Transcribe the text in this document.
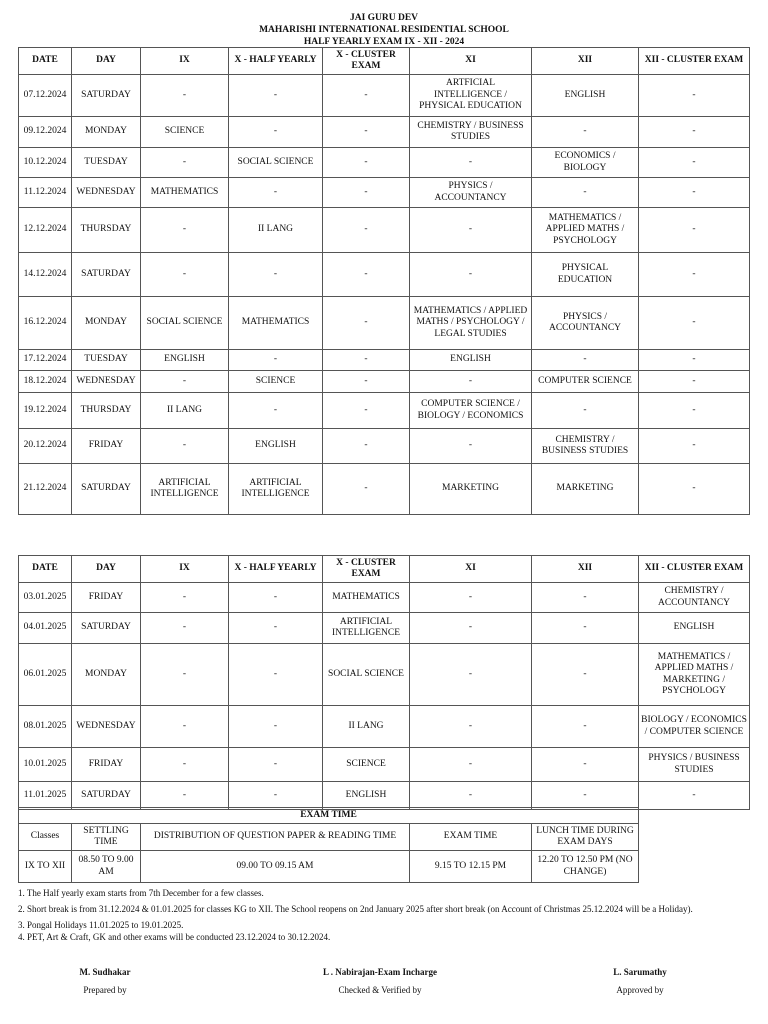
JAI GURU DEV
MAHARISHI INTERNATIONAL RESIDENTIAL SCHOOL
HALF YEARLY EXAM IX - XII - 2024
DATE	DAY	IX	X - HALF YEARLY	X - CLUSTER EXAM	XI	XII	XII - CLUSTER EXAM
07.12.2024	SATURDAY	-	-	-	ARTFICIAL INTELLIGENCE / PHYSICAL EDUCATION	ENGLISH	-
09.12.2024	MONDAY	SCIENCE	-	-	CHEMISTRY / BUSINESS STUDIES	-	-
10.12.2024	TUESDAY	-	SOCIAL SCIENCE	-	-	ECONOMICS / BIOLOGY	-
11.12.2024	WEDNESDAY	MATHEMATICS	-	-	PHYSICS / ACCOUNTANCY	-	-
12.12.2024	THURSDAY	-	II LANG	-	-	MATHEMATICS / APPLIED MATHS / PSYCHOLOGY	-
14.12.2024	SATURDAY	-	-	-	-	PHYSICAL EDUCATION	-
16.12.2024	MONDAY	SOCIAL SCIENCE	MATHEMATICS	-	MATHEMATICS / APPLIED MATHS / PSYCHOLOGY / LEGAL STUDIES	PHYSICS / ACCOUNTANCY	-
17.12.2024	TUESDAY	ENGLISH	-	-	ENGLISH	-	-
18.12.2024	WEDNESDAY	-	SCIENCE	-	-	COMPUTER SCIENCE	-
19.12.2024	THURSDAY	II LANG	-	-	COMPUTER SCIENCE / BIOLOGY / ECONOMICS	-	-
20.12.2024	FRIDAY	-	ENGLISH	-	-	CHEMISTRY / BUSINESS STUDIES	-
21.12.2024	SATURDAY	ARTIFICIAL INTELLIGENCE	ARTIFICIAL INTELLIGENCE	-	MARKETING	MARKETING	-
DATE	DAY	IX	X - HALF YEARLY	X - CLUSTER EXAM	XI	XII	XII - CLUSTER EXAM
03.01.2025	FRIDAY	-	-	MATHEMATICS	-	-	CHEMISTRY / ACCOUNTANCY
04.01.2025	SATURDAY	-	-	ARTIFICIAL INTELLIGENCE	-	-	ENGLISH
06.01.2025	MONDAY	-	-	SOCIAL SCIENCE	-	-	MATHEMATICS / APPLIED MATHS / MARKETING / PSYCHOLOGY
08.01.2025	WEDNESDAY	-	-	II LANG	-	-	BIOLOGY / ECONOMICS / COMPUTER SCIENCE
10.01.2025	FRIDAY	-	-	SCIENCE	-	-	PHYSICS / BUSINESS STUDIES
11.01.2025	SATURDAY	-	-	ENGLISH	-	-	-
EXAM TIME				
Classes	SETTLING TIME	DISTRIBUTION OF QUESTION PAPER & READING TIME	EXAM TIME	LUNCH TIME DURING EXAM DAYS
IX TO XII	08.50 TO 9.00 AM	09.00 TO 09.15 AM	9.15 TO 12.15 PM	12.20 TO 12.50 PM (NO CHANGE)
1. The Half yearly exam starts from 7th December for a few classes.
2. Short break is from 31.12.2024 & 01.01.2025 for classes KG to XII. The School reopens on 2nd January 2025 after short break (on Account of Christmas 25.12.2024 will be a Holiday).
3. Pongal Holidays 11.01.2025 to 19.01.2025.
4. PET, Art & Craft, GK and other exams will be conducted 23.12.2024 to 30.12.2024.
M. Sudhakar
Prepared by
L . Nabirajan-Exam Incharge
Checked & Verified by
L. Sarumathy
Approved by
